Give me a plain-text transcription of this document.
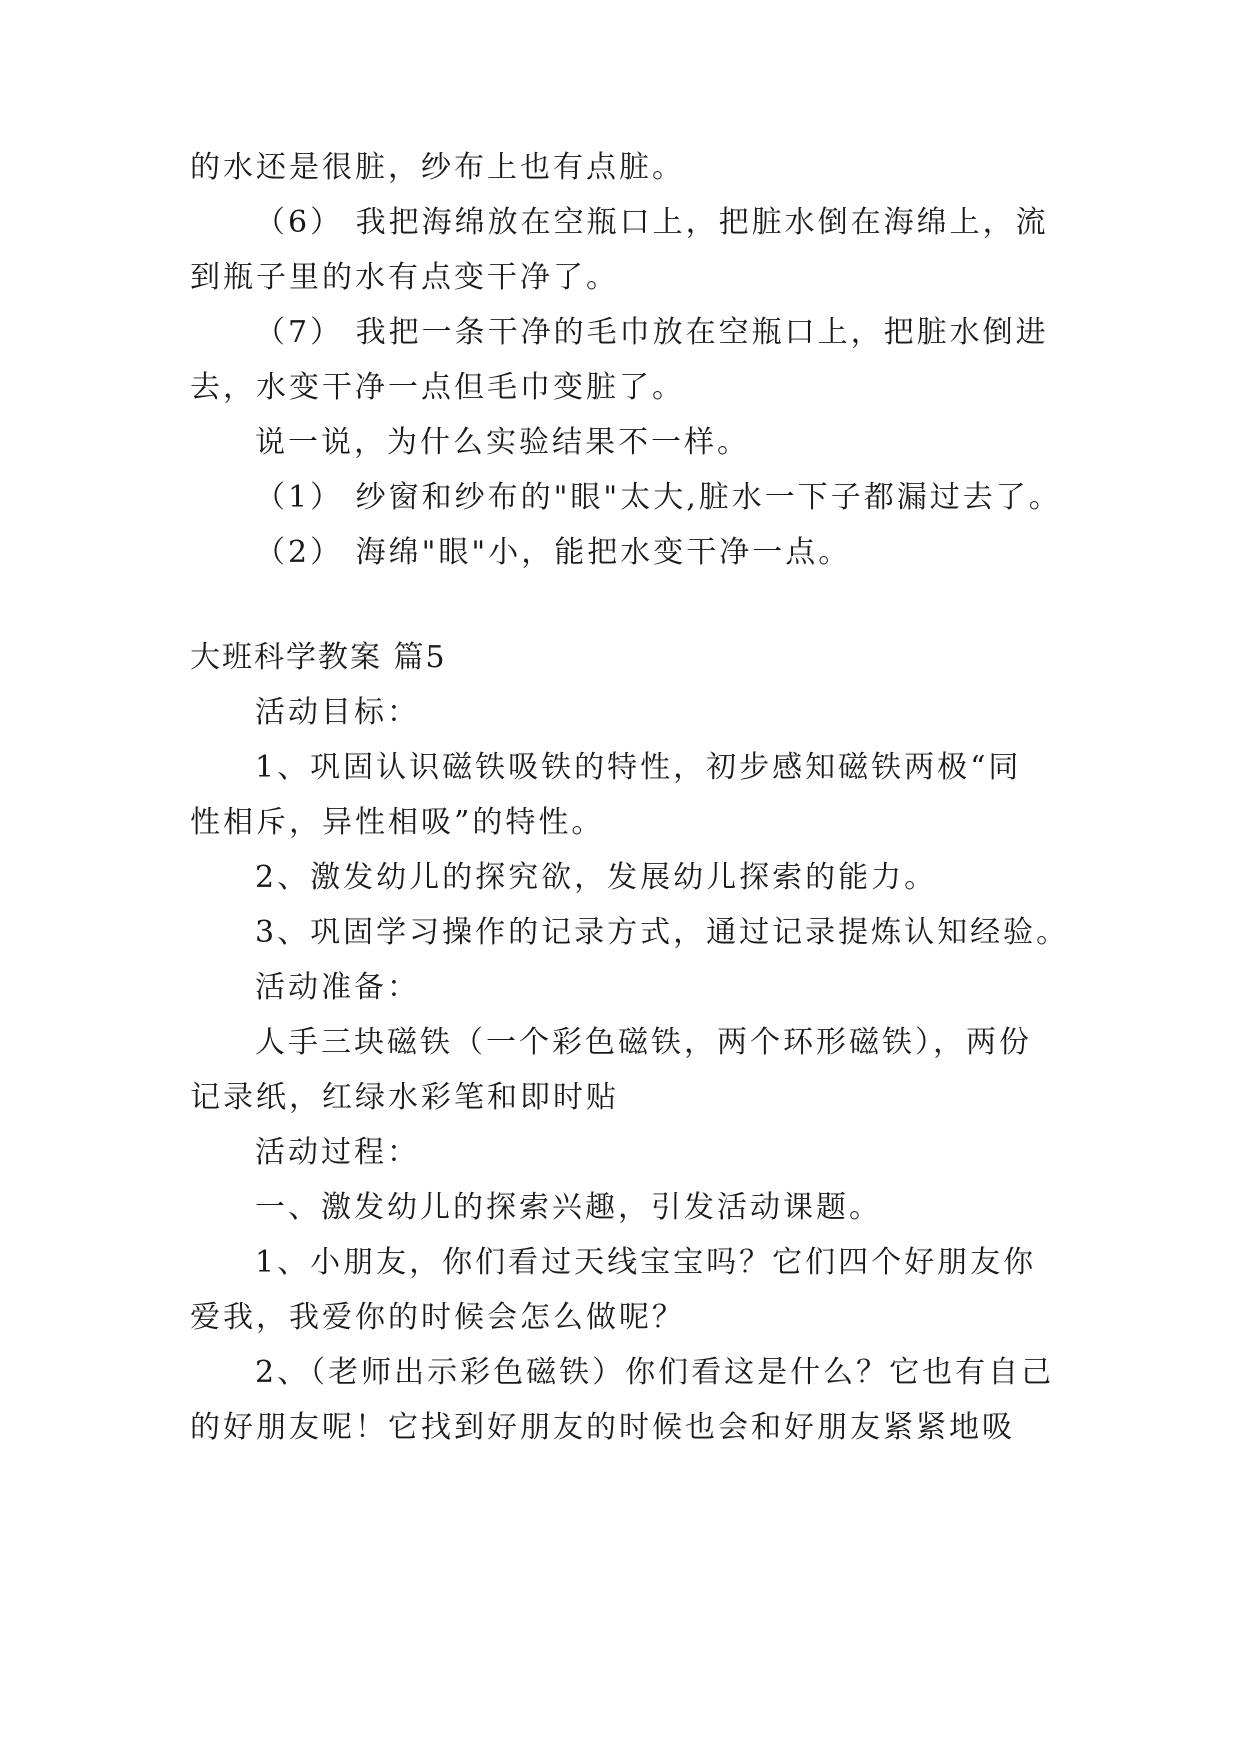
的水还是很脏，纱布上也有点脏。
（6） 我把海绵放在空瓶口上，把脏水倒在海绵上，流
到瓶子里的水有点变干净了。
（7） 我把一条干净的毛巾放在空瓶口上，把脏水倒进
去，水变干净一点但毛巾变脏了。
说一说，为什么实验结果不一样。
（1） 纱窗和纱布的"眼"太大,脏水一下子都漏过去了。
（2） 海绵"眼"小，能把水变干净一点。
大班科学教案 篇5
活动目标：
1、巩固认识磁铁吸铁的特性，初步感知磁铁两极“同
性相斥，异性相吸”的特性。
2、激发幼儿的探究欲，发展幼儿探索的能力。
3、巩固学习操作的记录方式，通过记录提炼认知经验。
活动准备：
人手三块磁铁（一个彩色磁铁，两个环形磁铁），两份
记录纸，红绿水彩笔和即时贴
活动过程：
一、激发幼儿的探索兴趣，引发活动课题。
1、小朋友，你们看过天线宝宝吗？它们四个好朋友你
爱我，我爱你的时候会怎么做呢？
2、（老师出示彩色磁铁）你们看这是什么？它也有自己
的好朋友呢！它找到好朋友的时候也会和好朋友紧紧地吸
